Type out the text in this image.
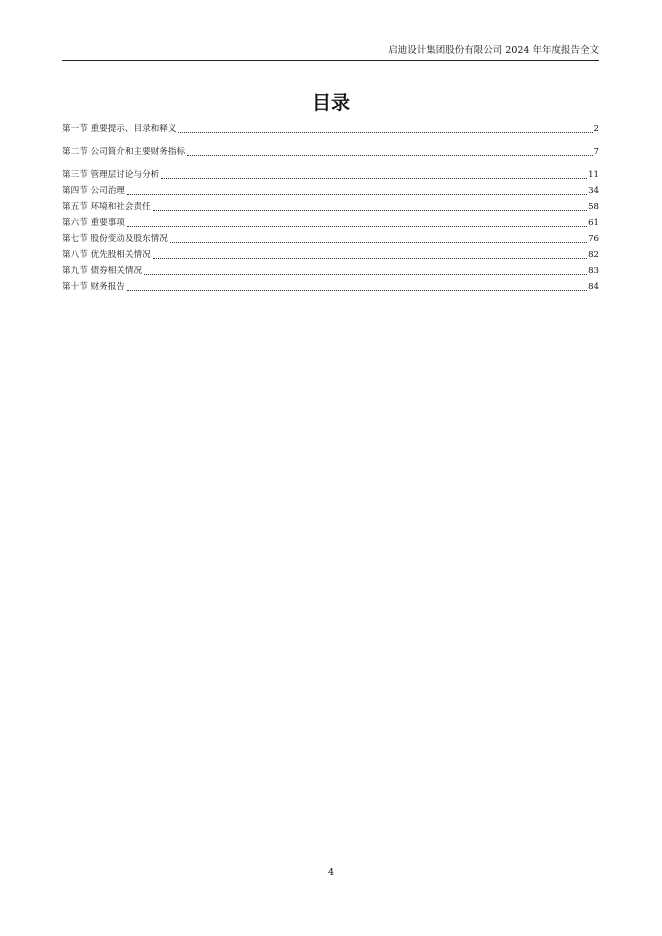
启迪设计集团股份有限公司 2024 年年度报告全文
目录
第一节 重要提示、目录和释义	2
第二节 公司简介和主要财务指标	7
第三节 管理层讨论与分析	11
第四节 公司治理	34
第五节 环境和社会责任	58
第六节 重要事项	61
第七节 股份变动及股东情况	76
第八节 优先股相关情况	82
第九节 债券相关情况	83
第十节 财务报告	84
4
